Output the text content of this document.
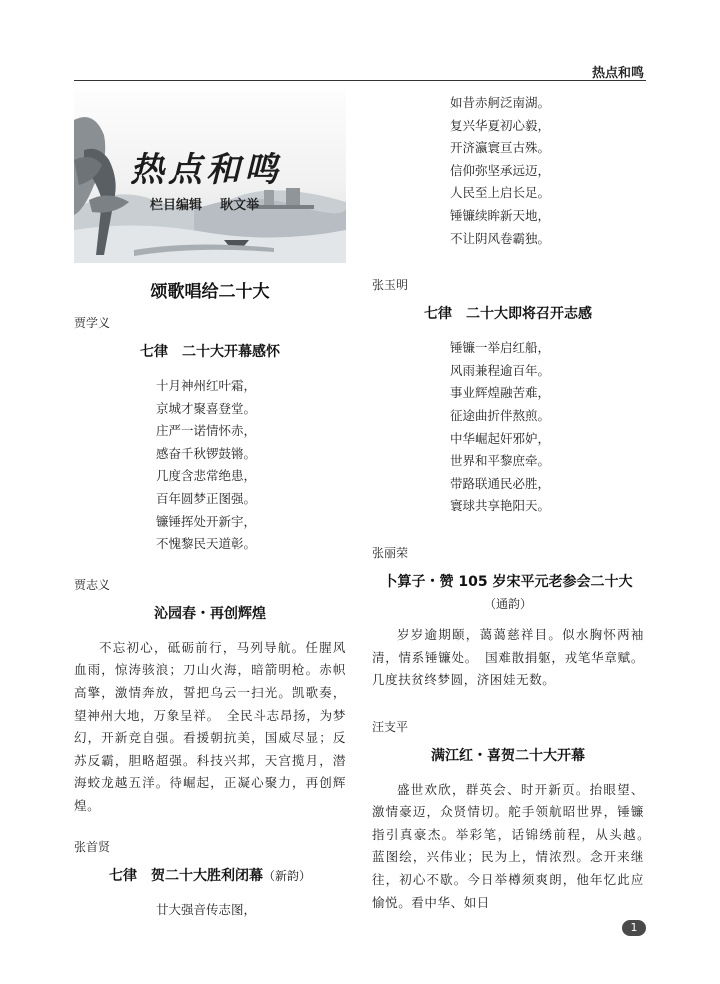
热点和鸣
热点和鸣
栏目编辑    耿文举
颂歌唱给二十大
贾学义
七律　二十大开幕感怀
十月神州红叶霜，
京城才聚喜登堂。
庄严一诺情怀赤，
感奋千秋锣鼓锵。
几度含悲常绝患，
百年圆梦正图强。
镰锤挥处开新宇，
不愧黎民天道彰。
贾志义
沁园春・再创辉煌

不忘初心，砥砺前行，马列导航。任腥风血雨，惊涛骇浪；刀山火海，暗箭明枪。赤帜高擎，激情奔放，誓把乌云一扫光。凯歌奏，望神州大地，万象呈祥。　全民斗志昂扬，为梦幻，开新竞自强。看援朝抗美，国威尽显；反苏反霸，胆略超强。科技兴邦，天宫揽月，潜海蛟龙越五洋。待崛起，正凝心聚力，再创辉煌。

张首贤
七律　贺二十大胜利闭幕（新韵）
廿大强音传志图，
如昔赤舸泛南湖。
复兴华夏初心毅，
开济瀛寰亘古殊。
信仰弥坚承远迈，
人民至上启长足。
锤镰续眸新天地，
不让阴风卷霸独。
张玉明
七律　二十大即将召开志感
锤镰一举启红船，
风雨兼程逾百年。
事业辉煌融苦难，
征途曲折伴熬煎。
中华崛起奸邪妒，
世界和平黎庶牵。
带路联通民必胜，
寰球共享艳阳天。
张丽荣
卜算子・赞 105 岁宋平元老参会二十大
（通韵）

岁岁逾期颐，蔼蔼慈祥目。似水胸怀两袖清，情系锤镰处。　国难散捐躯，戎笔华章赋。几度扶贫终梦圆，济困娃无数。

汪支平
满江红・喜贺二十大开幕

盛世欢欣，群英会、时开新页。抬眼望、激情豪迈，众贤情切。舵手领航昭世界，锤镰指引真豪杰。举彩笔，话锦绣前程，从头越。　蓝图绘，兴伟业；民为上，情浓烈。念开来继往，初心不歇。今日举樽须爽朗，他年忆此应愉悦。看中华、如日

1
